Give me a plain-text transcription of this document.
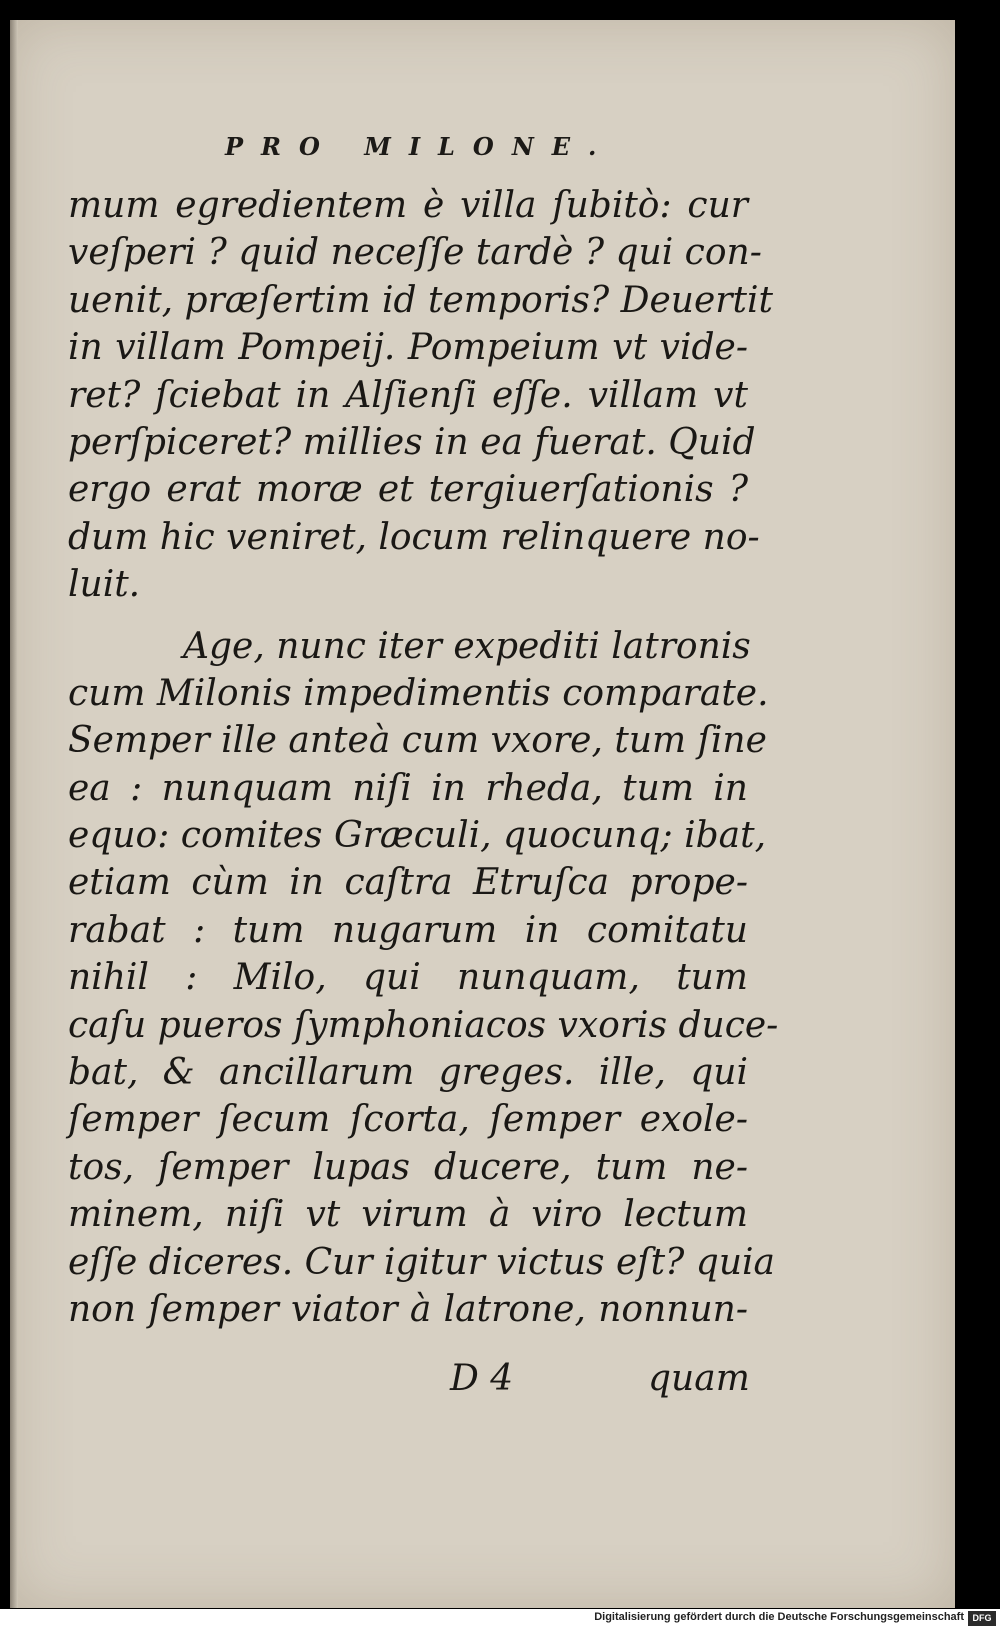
PRO MILONE.
mum egredientem è villa ſubitò: cur
veſperi ? quid neceſſe tardè ? qui con-
uenit, præſertim id temporis? Deuertit
in villam Pompeij. Pompeium vt vide-
ret? ſciebat in Alſienſi eſſe. villam vt
perſpiceret? millies in ea fuerat. Quid
ergo erat moræ et tergiuerſationis ?
dum hic veniret, locum relinquere no-
luit.
Age, nunc iter expediti latronis
cum Milonis impedimentis comparate.
Semper ille anteà cum vxore, tum ſine
ea : nunquam niſi in rheda, tum in
equo: comites Græculi, quocunq; ibat,
etiam cùm in caſtra Etruſca prope-
rabat : tum nugarum in comitatu
nihil : Milo, qui nunquam, tum
caſu pueros ſymphoniacos vxoris duce-
bat, & ancillarum greges. ille, qui
ſemper ſecum ſcorta, ſemper exole-
tos, ſemper lupas ducere, tum ne-
minem, niſi vt virum à viro lectum
eſſe diceres. Cur igitur victus eſt? quia
non ſemper viator à latrone, nonnun-
D 4	quam
Digitalisierung gefördert durch die Deutsche Forschungsgemeinschaft DFG
